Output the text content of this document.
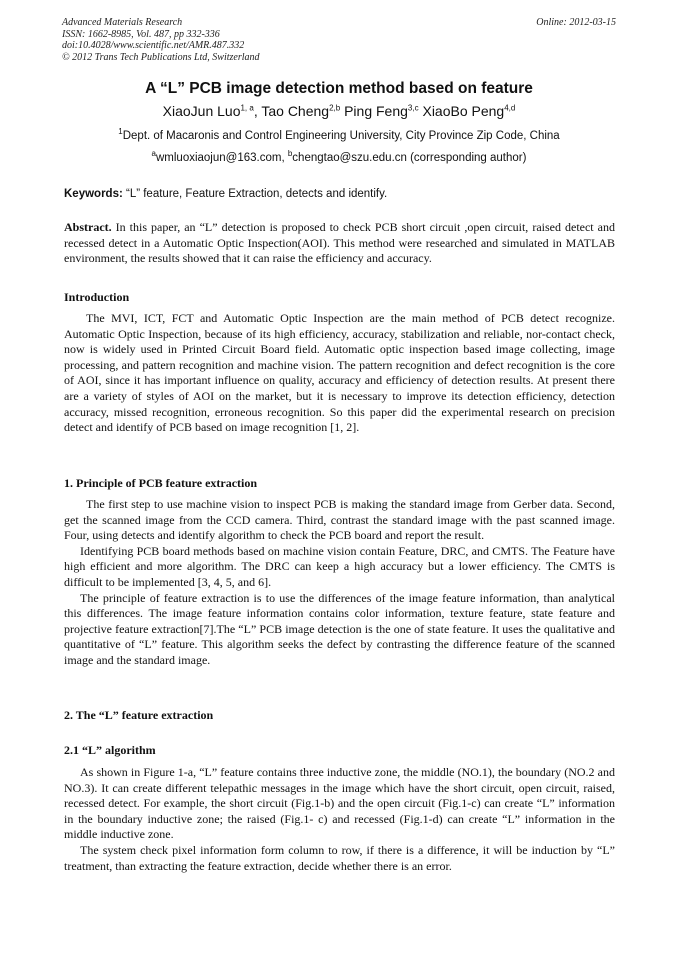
Advanced Materials Research
ISSN: 1662-8985, Vol. 487, pp 332-336
doi:10.4028/www.scientific.net/AMR.487.332
© 2012 Trans Tech Publications Ltd, Switzerland
Online: 2012-03-15
A “L” PCB image detection method based on feature
XiaoJun Luo$^{1, a}$, Tao Cheng$^{2,b}$ Ping Feng$^{3,c}$ XiaoBo Peng$^{4,d}$
$^1$Dept. of Macaronis and Control Engineering University, City Province Zip Code, China
$^a$wmluoxiaojun@163.com, $^b$chengtao@szu.edu.cn (corresponding author)
Keywords: “L” feature, Feature Extraction, detects and identify.

Abstract. In this paper, an “L” detection is proposed to check PCB short circuit ,open circuit, raised detect and recessed detect in a Automatic Optic Inspection(AOI). This method were researched and simulated in MATLAB environment, the results showed that it can raise the efficiency and accuracy.

Introduction

The MVI, ICT, FCT and Automatic Optic Inspection are the main method of PCB detect recognize. Automatic Optic Inspection, because of its high efficiency, accuracy, stabilization and reliable, nor-contact check, now is widely used in Printed Circuit Board field. Automatic optic inspection based image collecting, image processing, and pattern recognition and machine vision. The pattern recognition and defect recognition is the core of AOI, since it has important influence on quality, accuracy and efficiency of detection results. At present there are a variety of styles of AOI on the market, but it is necessary to improve its detection efficiency, detection accuracy, missed recognition, erroneous recognition. So this paper did the experimental research on precision detect and identify of PCB based on image recognition [1, 2].

1. Principle of PCB feature extraction

The first step to use machine vision to inspect PCB is making the standard image from Gerber data. Second, get the scanned image from the CCD camera. Third, contrast the standard image with the past scanned image. Four, using detects and identify algorithm to check the PCB board and report the result.

Identifying PCB board methods based on machine vision contain Feature, DRC, and CMTS. The Feature have high efficient and more algorithm. The DRC can keep a high accuracy but a lower efficiency. The CMTS is difficult to be implemented [3, 4, 5, and 6].

The principle of feature extraction is to use the differences of the image feature information, than analytical this differences. The image feature information contains color information, texture feature, state feature and projective feature extraction[7].The “L” PCB image detection is the one of state feature. It uses the qualitative and quantitative of “L” feature. This algorithm seeks the defect by contrasting the difference feature of the scanned image and the standard image.

2. The “L” feature extraction
2.1 “L” algorithm

As shown in Figure 1-a, “L” feature contains three inductive zone, the middle (NO.1), the boundary (NO.2 and NO.3). It can create different telepathic messages in the image which have the short circuit, open circuit, raised, recessed detect. For example, the short circuit (Fig.1-b) and the open circuit (Fig.1-c) can create “L” information in the boundary inductive zone; the raised (Fig.1- c) and recessed (Fig.1-d) can create “L” information in the middle inductive zone.

The system check pixel information form column to row, if there is a difference, it will be induction by “L” treatment, than extracting the feature extraction, decide whether there is an error.
